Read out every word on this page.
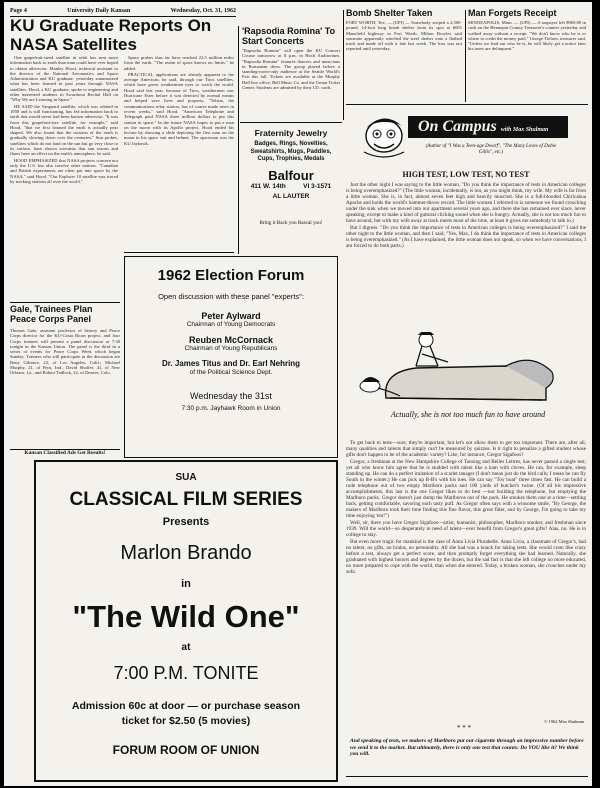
Page 4	University Daily Kansan	Wednesday, Oct. 31, 1962
KU Graduate Reports On NASA Satellites

One grapefruit-sized satellite in orbit has sent more information back to earth than man could have ever hoped to obtain otherwise. Manley Hood, technical assistant to the director of the National Aeronautics and Space Administration and KU graduate, yesterday summarized what has been learned in past years through NASA satellites. Hood, a KU graduate, spoke to engineering and other interested students in Swarthout Recital Hall on "Why We are Learning in Space."

HE SAID the Vanguard satellite, which was orbited in 1958 and is still functioning, has fed information back to earth that would never had been known otherwise. "It was from this grapefruit-size satellite, for example," said Hood, "that we first learned the earth is actually pear shaped. We also found that the rotation of the earth is gradually slowing down over the centuries." Sun probes, satellites which do not land on the sun but go very close to its surface, have shown scientists that sun storms and flares have an effect on the earth's atmosphere, he said.

HOOD EMPHASIZED that NASA projects concern not only the U.S. but also involve other nations. "Canadian and British experiments are often put into space by the NASA," said Hood. "Our Explorer 10 satellite was traced by tracking stations all over the world."

Space probes thus far have reached 22.5 million miles from the earth. "The realm of space knows no limits," he added.

PRACTICAL applications are already apparent to the average American, he said, through our Tiros satellites, which have given weathermen eyes to watch the world. Hood said last year, because of Tiros, weathermen saw Hurricane Ester before it was detected by normal means and helped save lives and property. "Telstar, the communications relay station, has of course made news in recent weeks," said Hood. "American Telephone and Telegraph paid NASA three million dollars to put this station in space." In the future NASA hopes to put a man on the moon with its Apollo project. Hood ended his lecture by showing a slide depicting the first man on the moon in his space suit and helmet. The spaceman was the KU Jayhawk.

'Rapsodia Romina' To Start Concerts
"Rapsodia Romina" will open the KU Concert Course tomorrow at 8 p.m. in Hoch Auditorium. "Rapsodia Romina" features dancers and musicians in Romanian dress. The group played before a standing-room-only audience at the Seattle World's Fair this fall. Tickets are available at the Murphy Hall box office, Bell Music Co. and the Union Ticket Center. Students are admitted by their I.D. cards.
Fraternity Jewelry
Badges, Rings, Novelties, Sweatshirts, Mugs, Paddles, Cups, Trophies, Medals
Balfour
411 W. 14th	VI 3-1571
AL LAUTER
Bring it Back you Rascal you!
Bomb Shelter Taken
FORT WORTH, Tex. — (UPI) — Somebody swiped a 2,500-pound, 14-foot long bomb shelter from its spot at 6001 Mansfield highway in Fort Worth. Milton Broyles said someone apparently winched the steel shelter onto a flatbed truck and made off with it late last week. The loss was not reported until yesterday.
Man Forgets Receipt
MINNEAPOLIS, Minn. — (UPI) — A taxpayer left $969.88 in cash on the Hennepin County Treasurer's counter yesterday and walked away without a receipt. "We don't know who he is or where to credit the money paid," George Tielsen, treasurer said. "Unless we find out who he is, he will likely get a notice later his taxes are delinquent."
On Campus with Max Shulman
(Author of "I Was a Teen-age Dwarf", "The Many Loves of Dobie Gillis", etc.)
HIGH TEST, LOW TEST, NO TEST

Just the other night I was saying to the little woman, "Do you think the importance of tests in American colleges is being overemphasized?" (The little woman, incidentally, is not, as you might think, my wife. My wife is far from a little woman. She is, in fact, almost seven feet high and heavily muscled. She is a full-blooded Chiricahua Apache and holds the world's hammer-throw record. The little woman I referred to is someone we found crouching under the sink when we moved into our apartment several years ago, and there she has remained ever since, never speaking, except to make a kind of guttural clicking sound when she is hungry. Actually, she is not too much fun to have around, but with my wife away at track meets most of the time, at least it gives me somebody to talk to.)

But I digress. "Do you think the importance of tests in American colleges is being overemphasized?" I said the other night to the little woman, and then I said, "Yes, Max, I do think the importance of tests in American colleges is being overemphasized." (As I have explained, the little woman does not speak, so when we have conversations, I am forced to do both parts.)

Actually, she is not too much fun to have around

To get back to tests—sure, they're important, but let's not allow them to get too important. There are, after all, many qualities and talents that simply can't be measured by quizzes. Is it right to penalize a gifted student whose gifts don't happen to be of the academic variety? Like, for instance, Gregor Sigafoos?

Gregor, a freshman at the New Hampshire College of Tanning and Belles Lettres, has never passed a single test; yet all who know him agree that he is studded with talent like a ham with cloves. He can, for example, sleep standing up. He can do a perfect imitation of a scarlet tanager (I don't mean just do the bird calls; I mean he can fly South in the winter.) He can pick up B-B's with his toes. He can say "Toy boat" three times fast. He can build a rude telephone out of two empty Marlboro packs and 100 yards of butcher's twine. (Of all his impressive accomplishments, this last is the one Gregor likes to do best —not building the telephone, but emptying the Marlboro packs. Gregor doesn't just dump the Marlboros out of the pack. He smokes them one at a time—settling back, getting comfortable, savoring each tasty puff. As Gregor often says with a winsome smile, "By George, the makers of Marlboro took their time finding this fine flavor, this great filter, and by George, I'm going to take my time enjoying 'em!")

Well, sir, there you have Gregor Sigafoos—artist, humanist, philosopher, Marlboro smoker, and freshman since 1939. Will the world—so desperately in need of talent—ever benefit from Gregor's great gifts? Alas, no. He is in college to stay.

But even more tragic for mankind is the case of Anna Livia Plurabelle. Anna Livia, a classmate of Gregor's, had no talent, no gifts, no brains, no personality. All she had was a knack for taking tests. She would cram like crazy before a test, always get a perfect score, and then promptly forget everything she had learned. Naturally, she graduated with highest honors and degrees by the dozen, but the sad fact is that she left college no more educated, no more prepared to cope with the world, than when she entered. Today, a broken woman, she crouches under my sofa.

© 1962 Max Shulman
* * *
And speaking of tests, we makers of Marlboro put our cigarette through an impressive number before we send it to the market. But ultimately, there is only one test that counts: Do YOU like it? We think you will.
1962 Election Forum
Open discussion with these panel "experts":
Peter Aylward
Chairman of Young Democrats
Reuben McCornack
Chairman of Young Republicans
Dr. James Titus and Dr. Earl Nehring
of the Political Science Dept.
Wednesday the 31st
7:30 p.m. Jayhawk Room in Union
Gale, Trainees Plan Peace Corps Panel
Thomas Gale, assistant professor of history and Peace Corps director for the KU-Costa Rican project, and four Corps trainees will present a panel discussion at 7:30 tonight in the Kansas Union. The panel is the third in a series of events for Peace Corps Week which began Sunday. Trainees who will participate in the discussion are Betty Gilmore, 22, of Los Angeles, Calif.; Michael Murphy, 21, of Peru, Ind.; David Shaffer, 41, of New Orleans, La., and Robert Tadlock, 22, of Denver, Colo.
Kansan Classified Ads Get Results!
SUA
CLASSICAL FILM SERIES
Presents
Marlon Brando
in
"The Wild One"
at
7:00 P.M. TONITE
Admission 60c at door — or purchase season ticket for $2.50 (5 movies)
FORUM ROOM OF UNION
